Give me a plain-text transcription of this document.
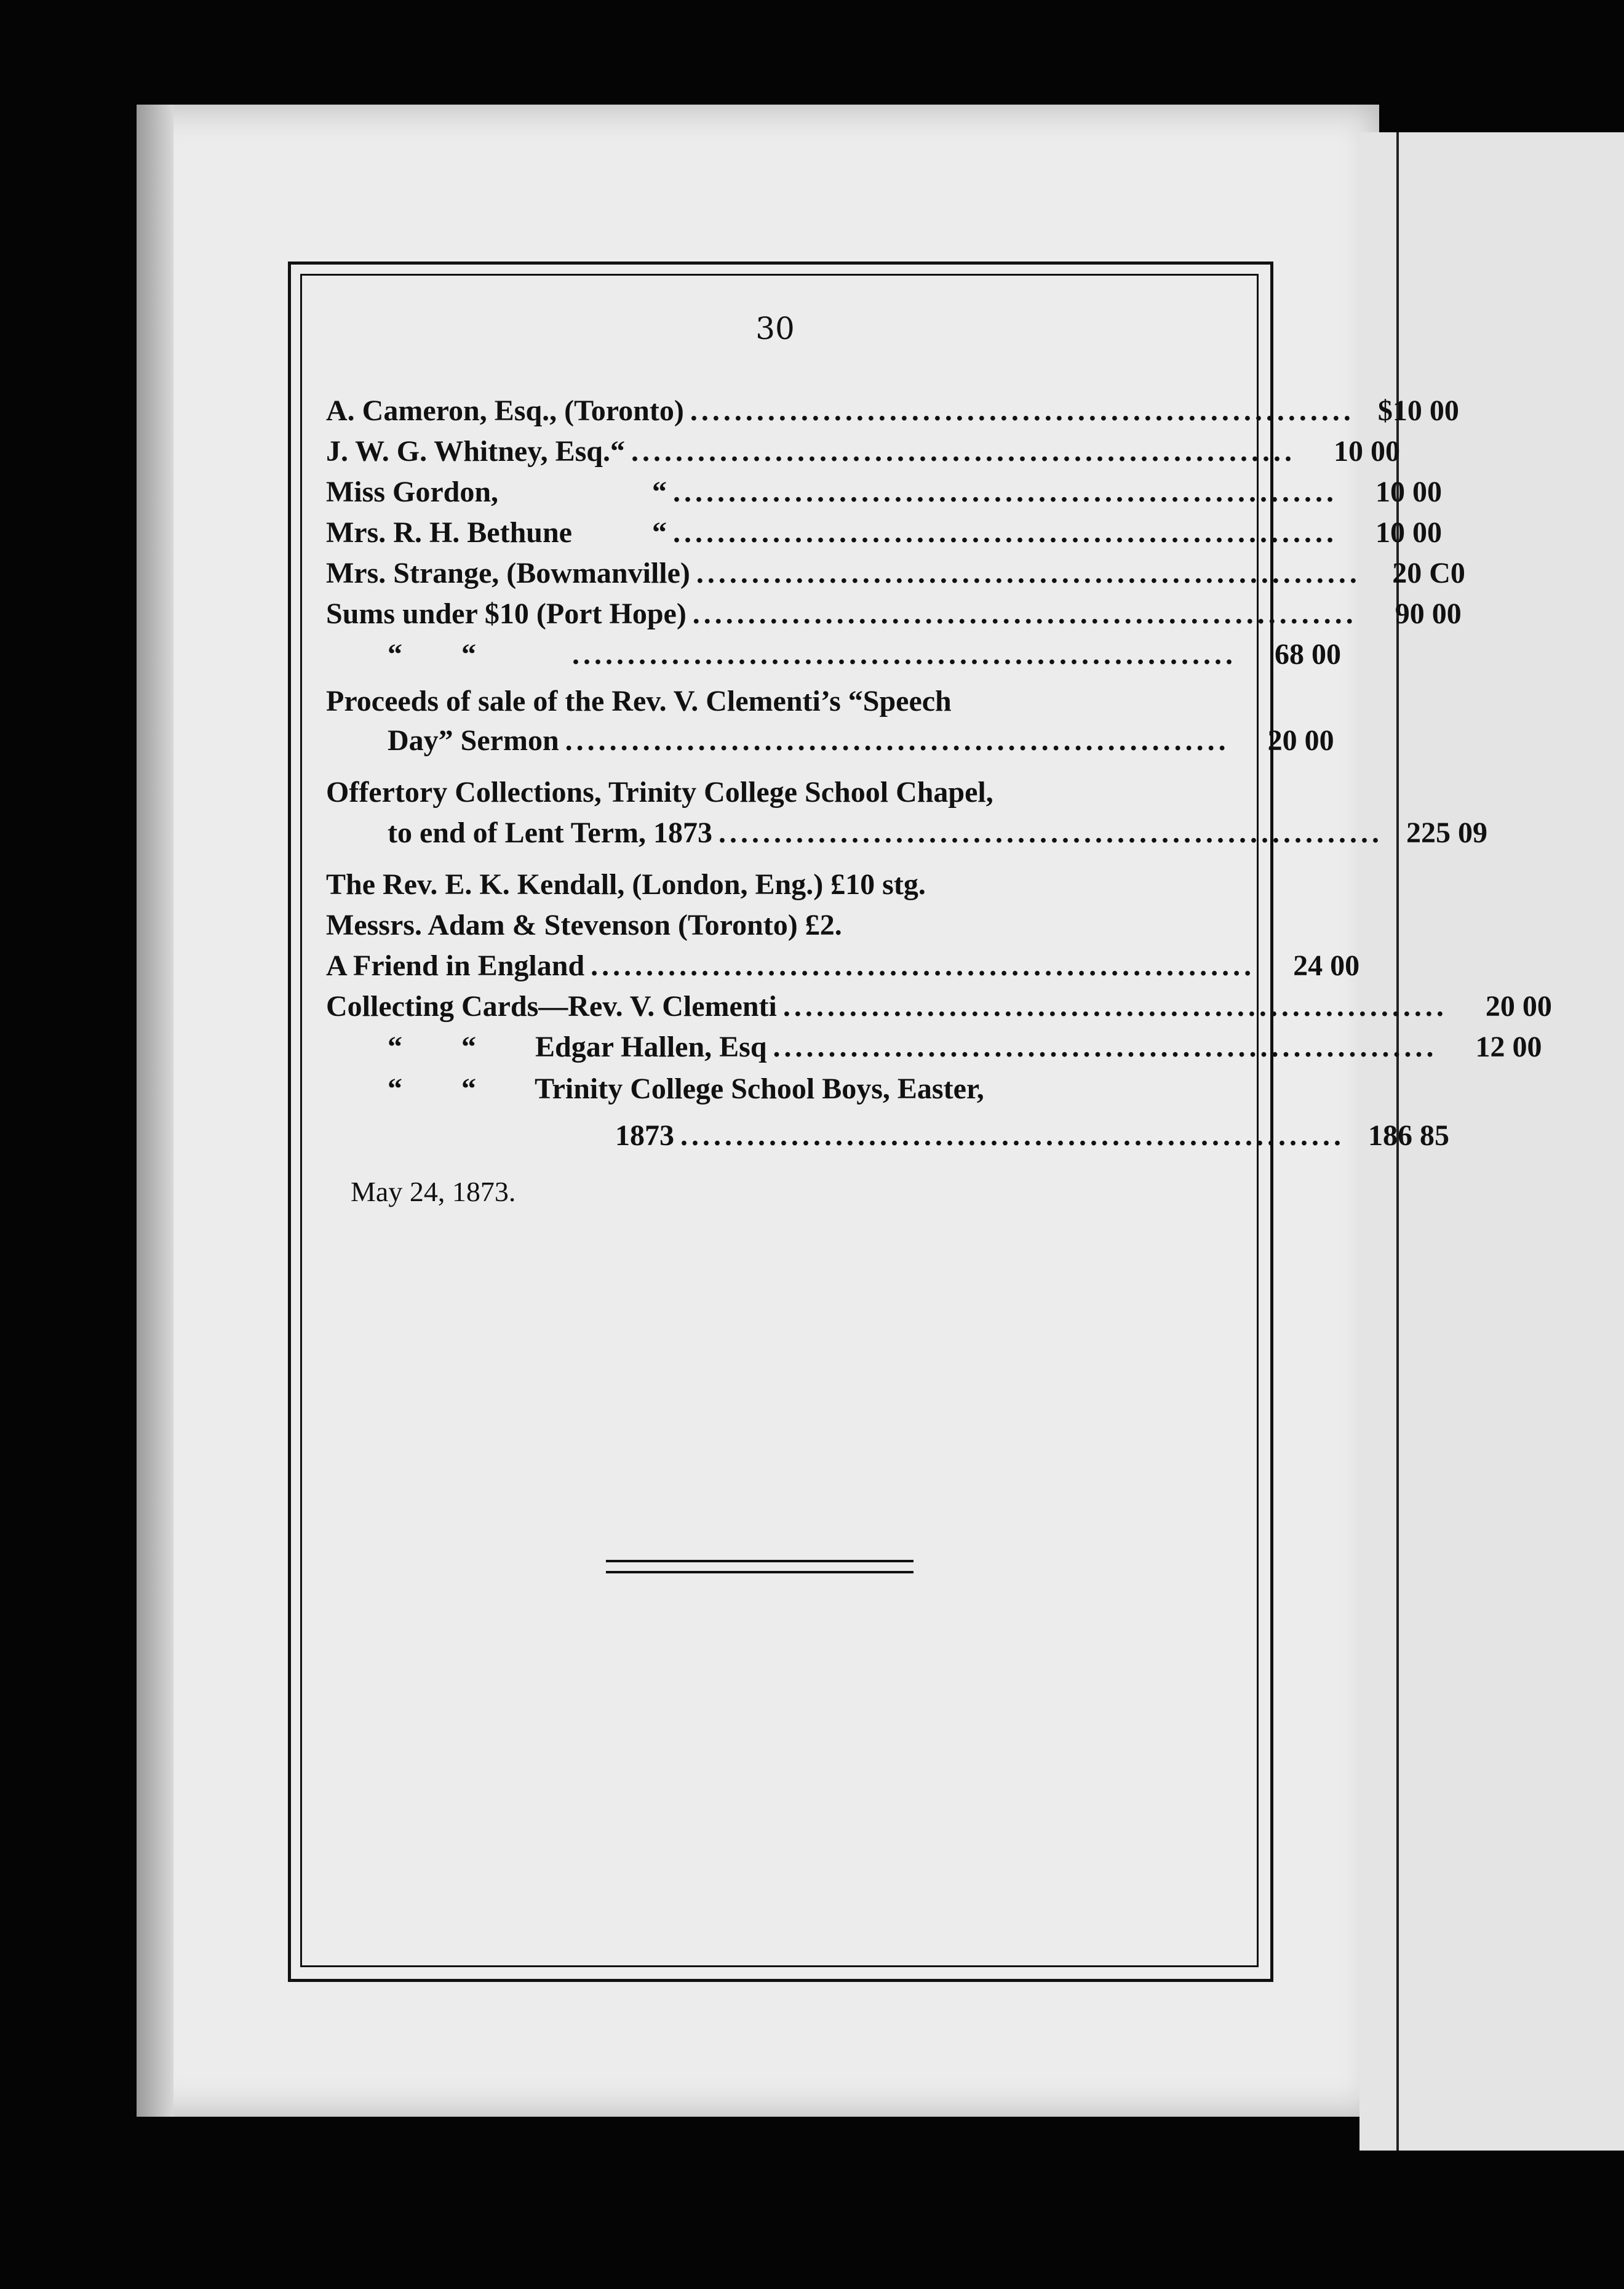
30
A. Cameron, Esq., (Toronto) ............................................................ $10 00
J. W. G. Whitney, Esq. “ ............................................................	10 00
Miss Gordon,	“ ............................................................	10 00
Mrs. R. H. Bethune	“ ............................................................	10 00
Mrs. Strange, (Bowmanville) ............................................................	20 C0
Sums under $10 (Port Hope) ............................................................	90 00
“        “	............................................................	68 00
Proceeds of sale of the Rev. V. Clementi’s “Speech
Day” Sermon ............................................................	20 00
Offertory Collections, Trinity College School Chapel,
to end of Lent Term, 1873 ............................................................ 225 09
The Rev. E. K. Kendall, (London, Eng.) £10 stg.
Messrs. Adam & Stevenson (Toronto) £2.
A Friend in England ............................................................	24 00
Collecting Cards—Rev. V. Clementi ............................................................	20 00
“        “        Edgar Hallen, Esq ............................................................	12 00
“        “        Trinity College School Boys, Easter,
1873 ............................................................ 186 85
May 24, 1873.
